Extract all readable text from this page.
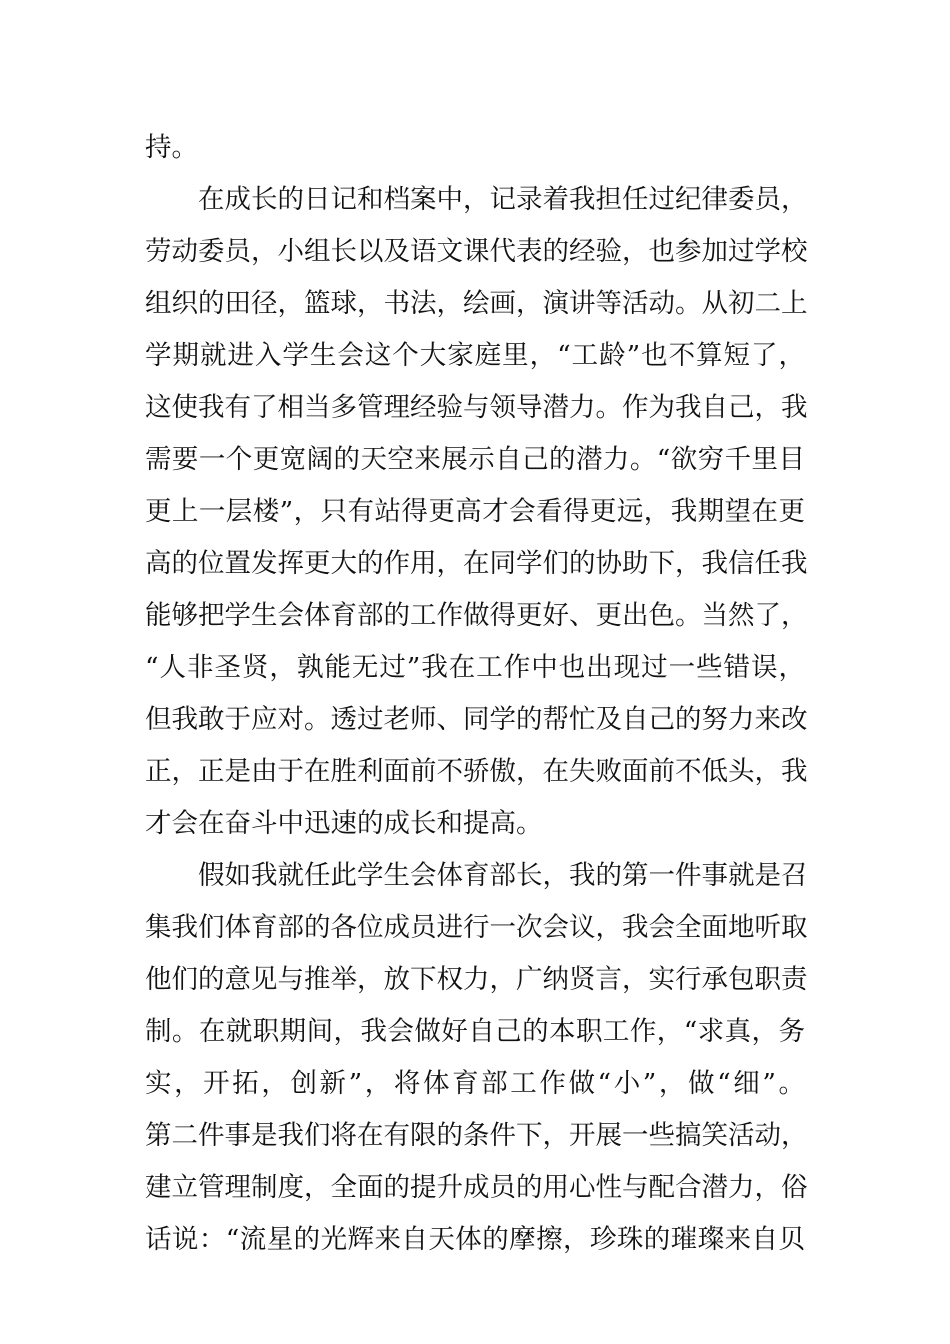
持。
在成长的日记和档案中，记录着我担任过纪律委员，
劳动委员，小组长以及语文课代表的经验，也参加过学校
组织的田径，篮球，书法，绘画，演讲等活动。从初二上
学期就进入学生会这个大家庭里，“工龄”也不算短了，
这使我有了相当多管理经验与领导潜力。作为我自己，我
需要一个更宽阔的天空来展示自己的潜力。“欲穷千里目
更上一层楼”，只有站得更高才会看得更远，我期望在更
高的位置发挥更大的作用，在同学们的协助下，我信任我
能够把学生会体育部的工作做得更好、更出色。当然了，
“人非圣贤，孰能无过”我在工作中也出现过一些错误，
但我敢于应对。透过老师、同学的帮忙及自己的努力来改
正，正是由于在胜利面前不骄傲，在失败面前不低头，我
才会在奋斗中迅速的成长和提高。
假如我就任此学生会体育部长，我的第一件事就是召
集我们体育部的各位成员进行一次会议，我会全面地听取
他们的意见与推举，放下权力，广纳贤言，实行承包职责
制。在就职期间，我会做好自己的本职工作，“求真，务
实，开拓，创新”，将体育部工作做“小”，做“细”。
第二件事是我们将在有限的条件下，开展一些搞笑活动，
建立管理制度，全面的提升成员的用心性与配合潜力，俗
话说：“流星的光辉来自天体的摩擦，珍珠的璀璨来自贝
